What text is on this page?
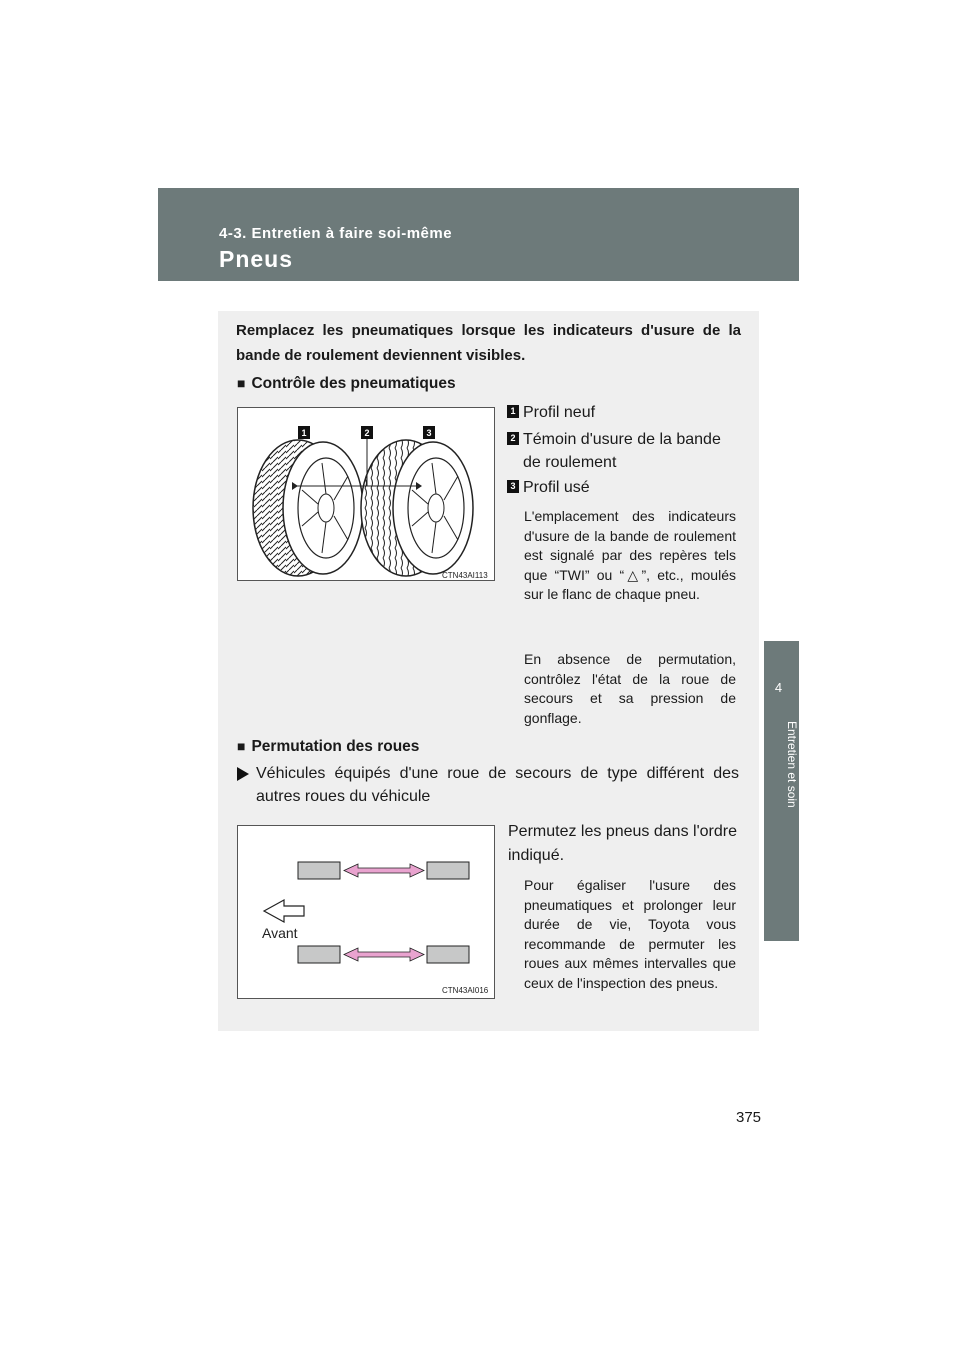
4-3. Entretien à faire soi-même
Pneus
4
Entretien et soin
Remplacez les pneumatiques lorsque les indicateurs d'usure de la bande de roulement deviennent visibles.
■ Contrôle des pneumatiques
1	2	3
CTN43AI113
1 Profil neuf
2 Témoin d'usure de la bande de roulement
3 Profil usé
L'emplacement des indicateurs d'usure de la bande de roulement est signalé par des repères tels que “TWI” ou “△”, etc., moulés sur le flanc de chaque pneu.
En absence de permutation, contrôlez l'état de la roue de secours et sa pression de gonflage.
■ Permutation des roues
Véhicules équipés d'une roue de secours de type différent des autres roues du véhicule
Avant
CTN43AI016
Permutez les pneus dans l'ordre indiqué.
Pour égaliser l'usure des pneumatiques et prolonger leur durée de vie, Toyota vous recommande de permuter les roues aux mêmes intervalles que ceux de l'inspection des pneus.
375
